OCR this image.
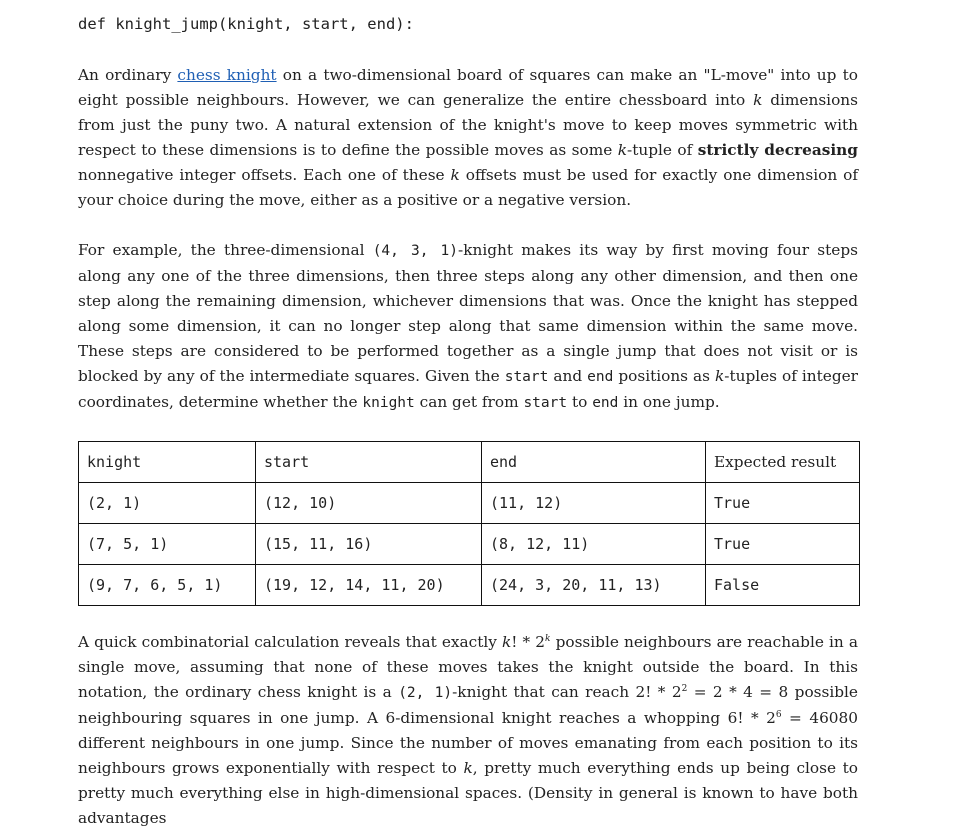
def knight_jump(knight, start, end):

An ordinary chess knight on a two-dimensional board of squares can make an "L-move" into up to eight possible neighbours. However, we can generalize the entire chessboard into k dimensions from just the puny two. A natural extension of the knight's move to keep moves symmetric with respect to these dimensions is to define the possible moves as some k-tuple of strictly decreasing nonnegative integer offsets. Each one of these k offsets must be used for exactly one dimension of your choice during the move, either as a positive or a negative version.

For example, the three-dimensional (4, 3, 1)-knight makes its way by first moving four steps along any one of the three dimensions, then three steps along any other dimension, and then one step along the remaining dimension, whichever dimensions that was. Once the knight has stepped along some dimension, it can no longer step along that same dimension within the same move. These steps are considered to be performed together as a single jump that does not visit or is blocked by any of the intermediate squares. Given the start and end positions as k-tuples of integer coordinates, determine whether the knight can get from start to end in one jump.

knight	start	end	Expected result
(2, 1)	(12, 10)	(11, 12)	True
(7, 5, 1)	(15, 11, 16)	(8, 12, 11)	True
(9, 7, 6, 5, 1)	(19, 12, 14, 11, 20)	(24, 3, 20, 11, 13)	False

A quick combinatorial calculation reveals that exactly k! * 2$^k$ possible neighbours are reachable in a single move, assuming that none of these moves takes the knight outside the board. In this notation, the ordinary chess knight is a (2, 1)-knight that can reach 2! * $2^2 = 2 * 4 = 8$ possible neighbouring squares in one jump. A 6-dimensional knight reaches a whopping 6! * $2^6 = 46080$ different neighbours in one jump. Since the number of moves emanating from each position to its neighbours grows exponentially with respect to k, pretty much everything ends up being close to pretty much everything else in high-dimensional spaces. (Density in general is known to have both advantages
